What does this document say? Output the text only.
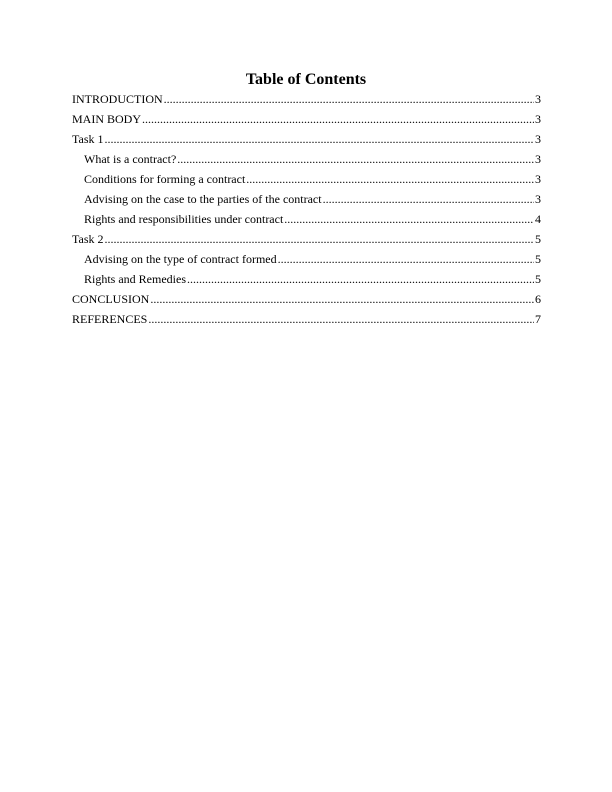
Table of Contents
INTRODUCTION .....	3
MAIN BODY .....	3
Task 1 .....	3
What is a contract? .....	3
Conditions for forming a contract .....	3
Advising on the case to the parties of the contract .....	3
Rights and responsibilities under contract .....	4
Task 2 .....	5
Advising on the type of contract formed .....	5
Rights and Remedies .....	5
CONCLUSION .....	6
REFERENCES .....	7
